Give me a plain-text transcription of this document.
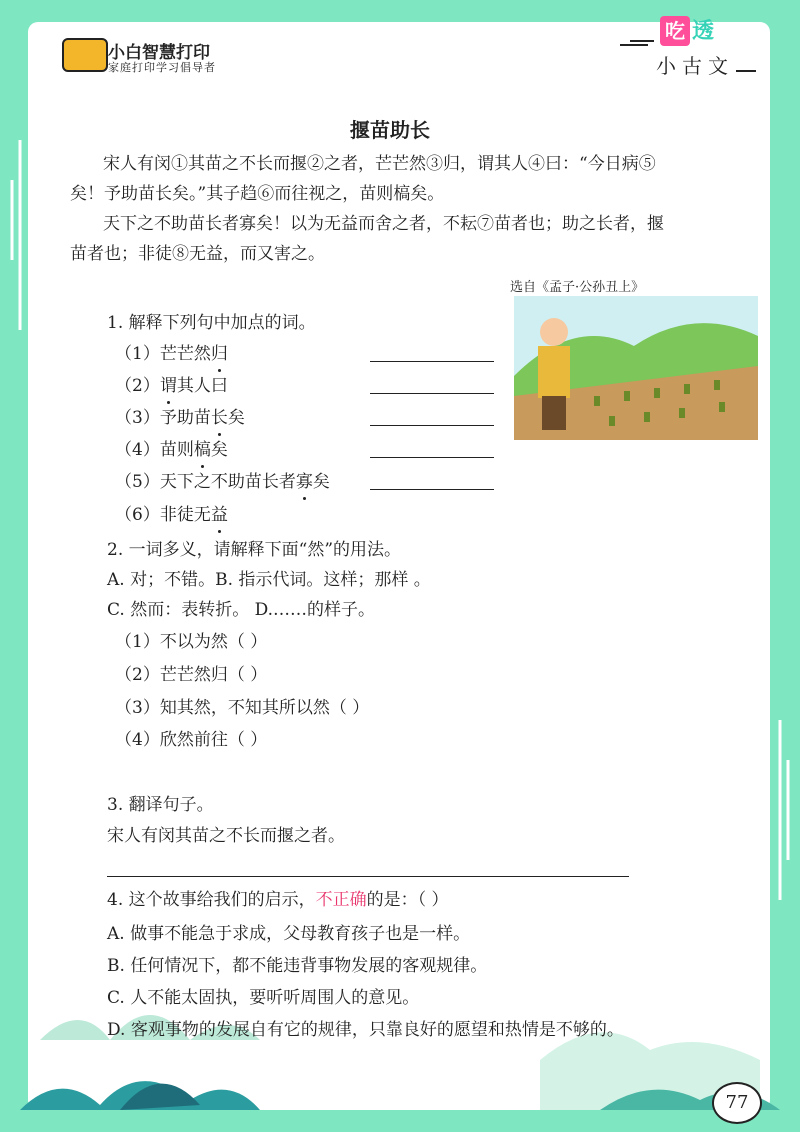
小白智慧打印
家庭打印学习倡导者
吃 透
小古文
揠苗助长
宋人有闵①其苗之不长而揠②之者，芒芒然③归，谓其人④曰：“今日病⑤
矣！予助苗长矣。”其子趋⑥而往视之，苗则槁矣。
天下之不助苗长者寡矣！以为无益而舍之者，不耘⑦苗者也；助之长者，揠
苗者也；非徒⑧无益，而又害之。
选自《孟子·公孙丑上》
1. 解释下列句中加点的词。
（1）芒芒然归
（2）谓其人曰
（3）予助苗长矣
（4）苗则槁矣
（5）天下之不助苗长者寡矣
（6）非徒无益
2. 一词多义，请解释下面“然”的用法。
A. 对；不错。B. 指示代词。这样；那样 。
C. 然而：表转折。 D.……的样子。
（1）不以为然（ ）
（2）芒芒然归（ ）
（3）知其然，不知其所以然（ ）
（4）欣然前往（ ）
3. 翻译句子。
宋人有闵其苗之不长而揠之者。
4. 这个故事给我们的启示，不正确的是：（ ）
A. 做事不能急于求成，父母教育孩子也是一样。
B. 任何情况下，都不能违背事物发展的客观规律。
C. 人不能太固执，要听听周围人的意见。
D. 客观事物的发展自有它的规律，只靠良好的愿望和热情是不够的。
77
